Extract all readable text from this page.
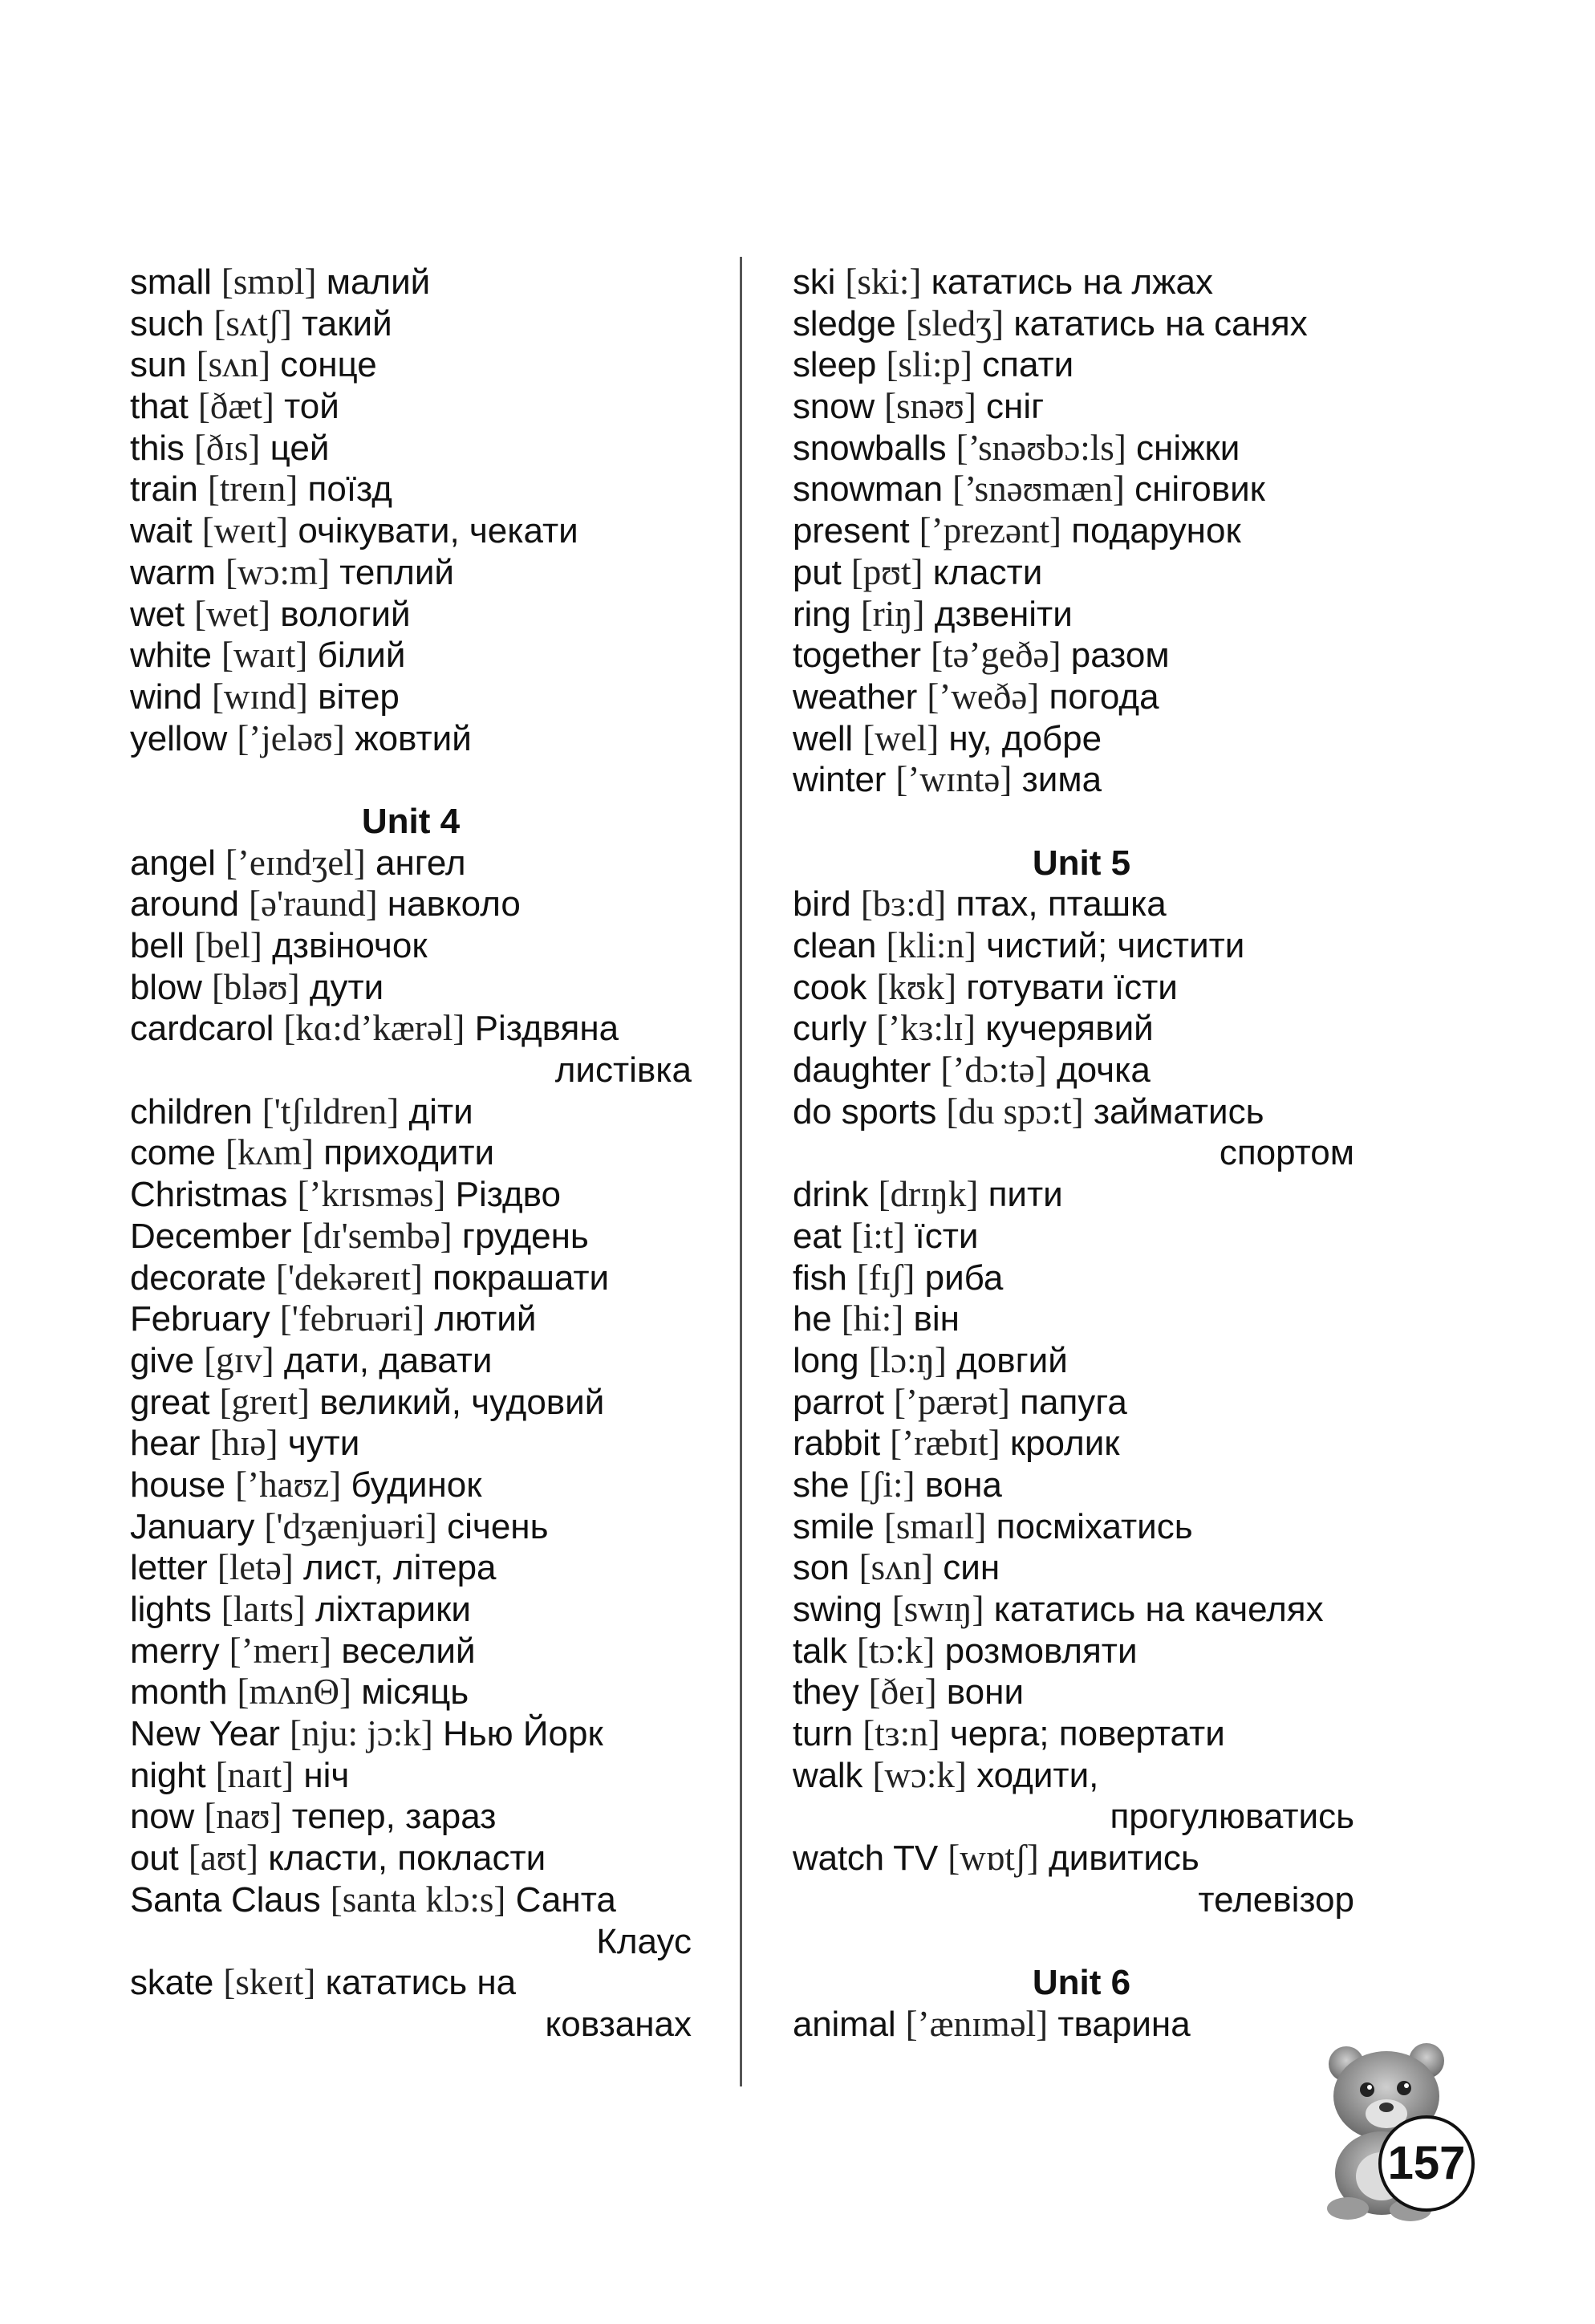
small [smɒl] малий
such [sʌtʃ] такий
sun [sʌn] сонце
that [ðæt] той
this [ðɪs] цей
train [treɪn] поїзд
wait [weɪt] очікувати, чекати
warm [wɔ:m] теплий
wet [wet] вологий
white [waɪt] білий
wind [wɪnd] вітер
yellow [’jeləʊ] жовтий
Unit 4
angel [’eɪndʒel] ангел
around [ə'raund] навколо
bell [bel] дзвіночок
blow [bləʊ] дути
cardcarol [kɑ:d’kærəl] Різдвяна
листівка
children ['tʃɪldren] діти
come [kʌm] приходити
Christmas [’krɪsməs] Різдво
December [dɪ'sembə] грудень
decorate ['dekəreɪt] покрашати
February ['februəri] лютий
give [gɪv] дати, давати
great [greɪt] великий, чудовий
hear [hɪə] чути
house [’haʊz] будинок
January ['dʒænjuəri] січень
letter [letə] лист, літера
lights [laɪts] ліхтарики
merry [’merɪ] веселий
month [mʌnΘ] місяць
New Year [nju: jɔ:k] Нью Йорк
night [naɪt] ніч
now [naʊ] тепер, зараз
out [aʊt] класти, покласти
Santa Claus [santa klɔ:s] Санта
Клаус
skate [skeɪt] кататись на
ковзанах
ski [ski:] кататись на лжах
sledge [sledʒ] кататись на санях
sleep [sli:p] спати
snow [snəʊ] сніг
snowballs [’snəʊbɔ:ls] сніжки
snowman [’snəʊmæn] сніговик
present [’prezənt] подарунок
put [pʊt] класти
ring [riŋ] дзвеніти
together [tə’geðə] разом
weather [’weðə] погода
well [wel] ну, добре
winter [’wɪntə] зима
Unit 5
bird [bɜ:d] птах, пташка
clean [kli:n] чистий; чистити
cook [kʊk] готувати їсти
curly [’kɜ:lɪ] кучерявий
daughter [’dɔ:tə] дочка
do sports [du spɔ:t] займатись
спортом
drink [drɪŋk] пити
eat [i:t] їсти
fish [fɪʃ] риба
he [hi:] він
long [lɔ:ŋ] довгий
parrot [’pærət] папуга
rabbit [’ræbɪt] кролик
she [ʃi:] вона
smile [smaɪl] посміхатись
son [sʌn] син
swing [swɪŋ] кататись на качелях
talk [tɔ:k] розмовляти
they [ðeɪ] вони
turn [tɜ:n] черга; повертати
walk [wɔ:k] ходити,
прогулюватись
watch TV [wɒtʃ] дивитись
телевізор
Unit 6
animal [’ænɪməl] тварина
157
